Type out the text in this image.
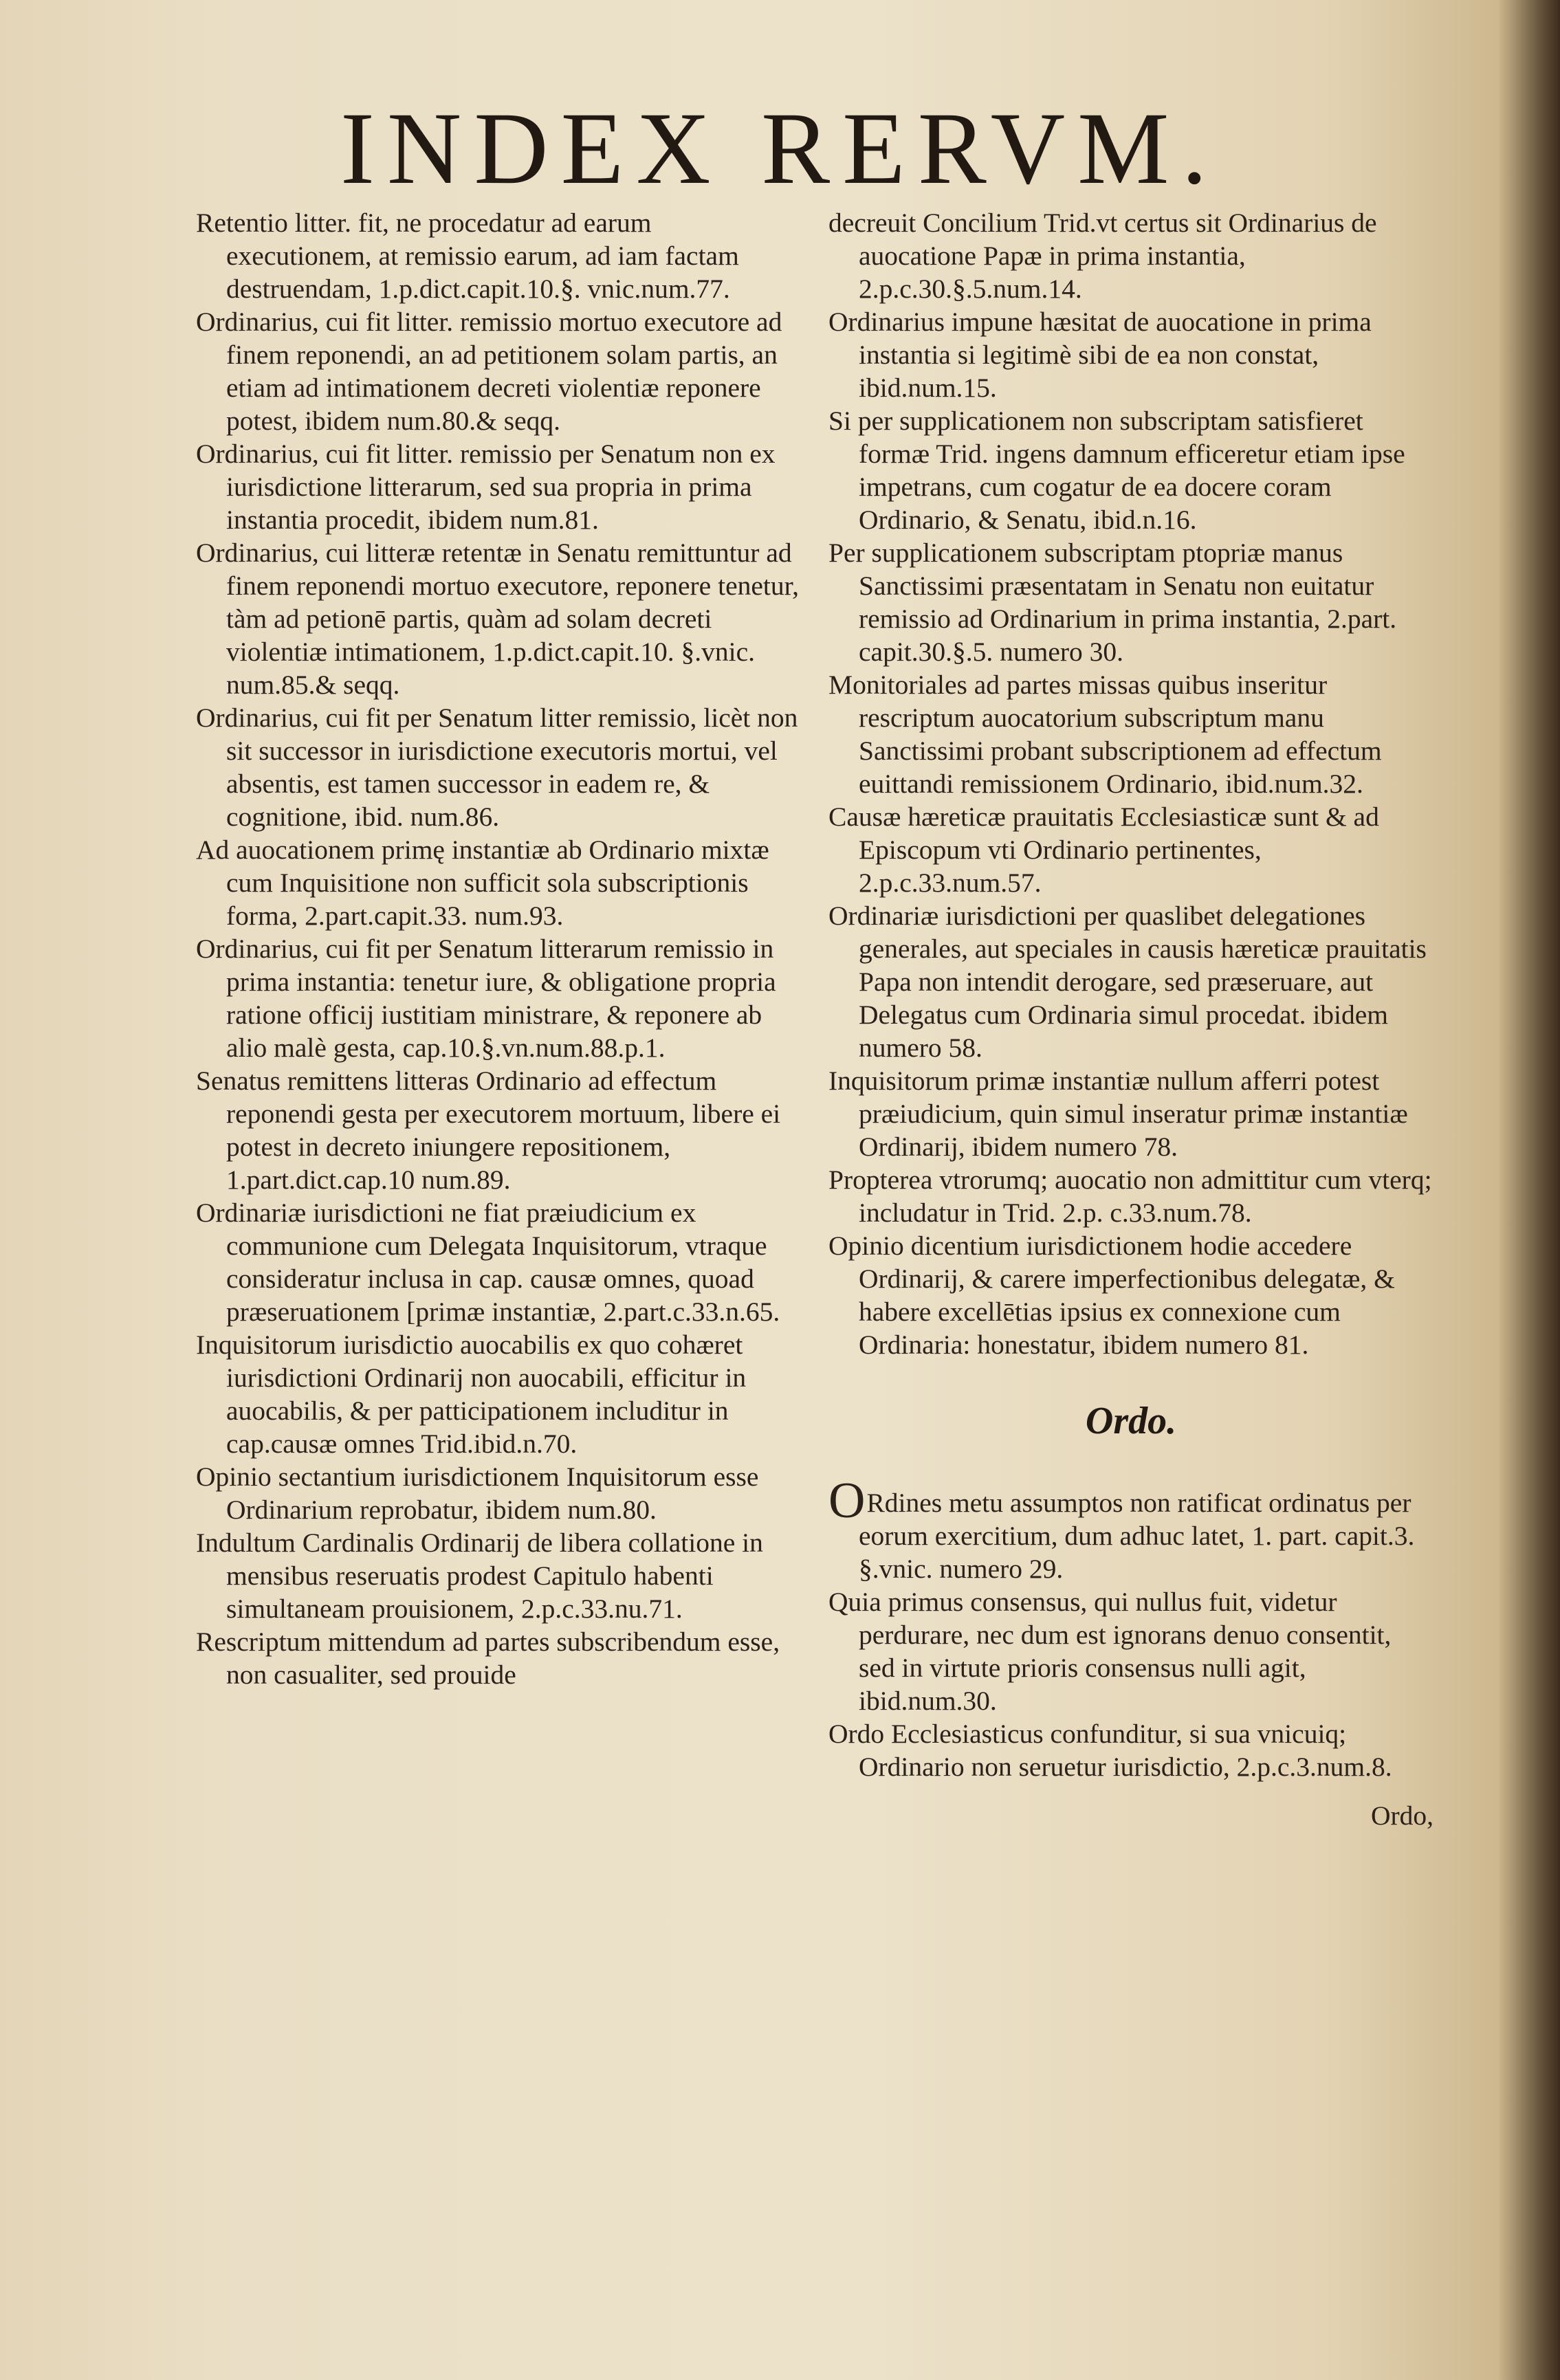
INDEX RERVM.

Retentio litter. fit, ne procedatur ad earum executionem, at remissio earum, ad iam factam destruendam, 1.p.dict.capit.10.§. vnic.num.77.

Ordinarius, cui fit litter. remissio mortuo executore ad finem reponendi, an ad petitionem solam partis, an etiam ad intimationem decreti violentiæ reponere potest, ibidem num.80.& seqq.

Ordinarius, cui fit litter. remissio per Senatum non ex iurisdictione litterarum, sed sua propria in prima instantia procedit, ibidem num.81.

Ordinarius, cui litteræ retentæ in Senatu remittuntur ad finem reponendi mortuo executore, reponere tenetur, tàm ad petionē partis, quàm ad solam decreti violentiæ intimationem, 1.p.dict.capit.10. §.vnic. num.85.& seqq.

Ordinarius, cui fit per Senatum litter remissio, licèt non sit successor in iurisdictione executoris mortui, vel absentis, est tamen successor in eadem re, & cognitione, ibid. num.86.

Ad auocationem primę instantiæ ab Ordinario mixtæ cum Inquisitione non sufficit sola subscriptionis forma, 2.part.capit.33. num.93.

Ordinarius, cui fit per Senatum litterarum remissio in prima instantia: tenetur iure, & obligatione propria ratione officij iustitiam ministrare, & reponere ab alio malè gesta, cap.10.§.vn.num.88.p.1.

Senatus remittens litteras Ordinario ad effectum reponendi gesta per executorem mortuum, libere ei potest in decreto iniungere repositionem, 1.part.dict.cap.10 num.89.

Ordinariæ iurisdictioni ne fiat præiudicium ex communione cum Delegata Inquisitorum, vtraque consideratur inclusa in cap. causæ omnes, quoad præseruationem [primæ instantiæ, 2.part.c.33.n.65.

Inquisitorum iurisdictio auocabilis ex quo cohæret iurisdictioni Ordinarij non auocabili, efficitur in auocabilis, & per patticipationem includitur in cap.causæ omnes Trid.ibid.n.70.

Opinio sectantium iurisdictionem Inquisitorum esse Ordinarium reprobatur, ibidem num.80.

Indultum Cardinalis Ordinarij de libera collatione in mensibus reseruatis prodest Capitulo habenti simultaneam prouisionem, 2.p.c.33.nu.71.

Rescriptum mittendum ad partes subscribendum esse, non casualiter, sed prouide

decreuit Concilium Trid.vt certus sit Ordinarius de auocatione Papæ in prima instantia, 2.p.c.30.§.5.num.14.

Ordinarius impune hæsitat de auocatione in prima instantia si legitimè sibi de ea non constat, ibid.num.15.

Si per supplicationem non subscriptam satisfieret formæ Trid. ingens damnum efficeretur etiam ipse impetrans, cum cogatur de ea docere coram Ordinario, & Senatu, ibid.n.16.

Per supplicationem subscriptam ptopriæ manus Sanctissimi præsentatam in Senatu non euitatur remissio ad Ordinarium in prima instantia, 2.part. capit.30.§.5. numero 30.

Monitoriales ad partes missas quibus inseritur rescriptum auocatorium subscriptum manu Sanctissimi probant subscriptionem ad effectum euittandi remissionem Ordinario, ibid.num.32.

Causæ hæreticæ prauitatis Ecclesiasticæ sunt & ad Episcopum vti Ordinario pertinentes, 2.p.c.33.num.57.

Ordinariæ iurisdictioni per quaslibet delegationes generales, aut speciales in causis hæreticæ prauitatis Papa non intendit derogare, sed præseruare, aut Delegatus cum Ordinaria simul procedat. ibidem numero 58.

Inquisitorum primæ instantiæ nullum afferri potest præiudicium, quin simul inseratur primæ instantiæ Ordinarij, ibidem numero 78.

Propterea vtrorumq; auocatio non admittitur cum vterq; includatur in Trid. 2.p. c.33.num.78.

Opinio dicentium iurisdictionem hodie accedere Ordinarij, & carere imperfectionibus delegatæ, & habere excellētias ipsius ex connexione cum Ordinaria: honestatur, ibidem numero 81.

Ordo.

ORdines metu assumptos non ratificat ordinatus per eorum exercitium, dum adhuc latet, 1. part. capit.3. §.vnic. numero 29.

Quia primus consensus, qui nullus fuit, videtur perdurare, nec dum est ignorans denuo consentit, sed in virtute prioris consensus nulli agit, ibid.num.30.

Ordo Ecclesiasticus confunditur, si sua vnicuiq; Ordinario non seruetur iurisdictio, 2.p.c.3.num.8.

Ordo,
